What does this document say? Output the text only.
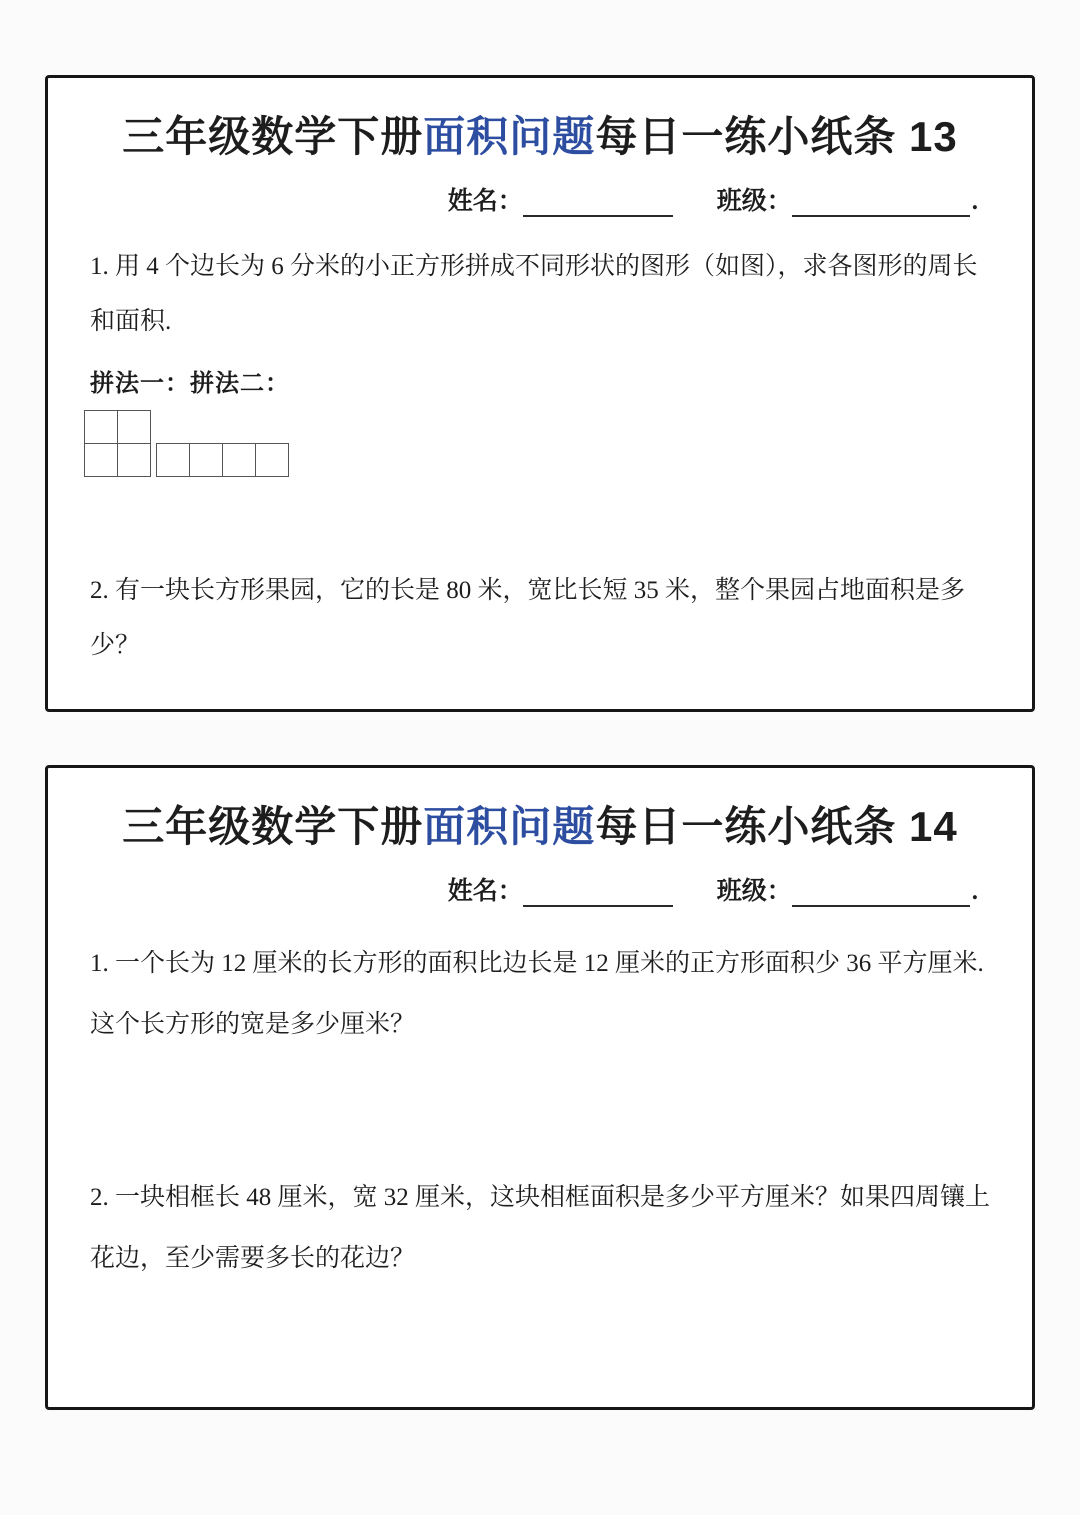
三年级数学下册面积问题每日一练小纸条 13
姓名：	班级：	.

1. 用 4 个边长为 6 分米的小正方形拼成不同形状的图形（如图），求各图形的周长和面积.

拼法一：拼法二：

2. 有一块长方形果园，它的长是 80 米，宽比长短 35 米，整个果园占地面积是多少？

三年级数学下册面积问题每日一练小纸条 14
姓名：	班级：	.

1. 一个长为 12 厘米的长方形的面积比边长是 12 厘米的正方形面积少 36 平方厘米. 这个长方形的宽是多少厘米？

2. 一块相框长 48 厘米，宽 32 厘米，这块相框面积是多少平方厘米？如果四周镶上花边，至少需要多长的花边？
